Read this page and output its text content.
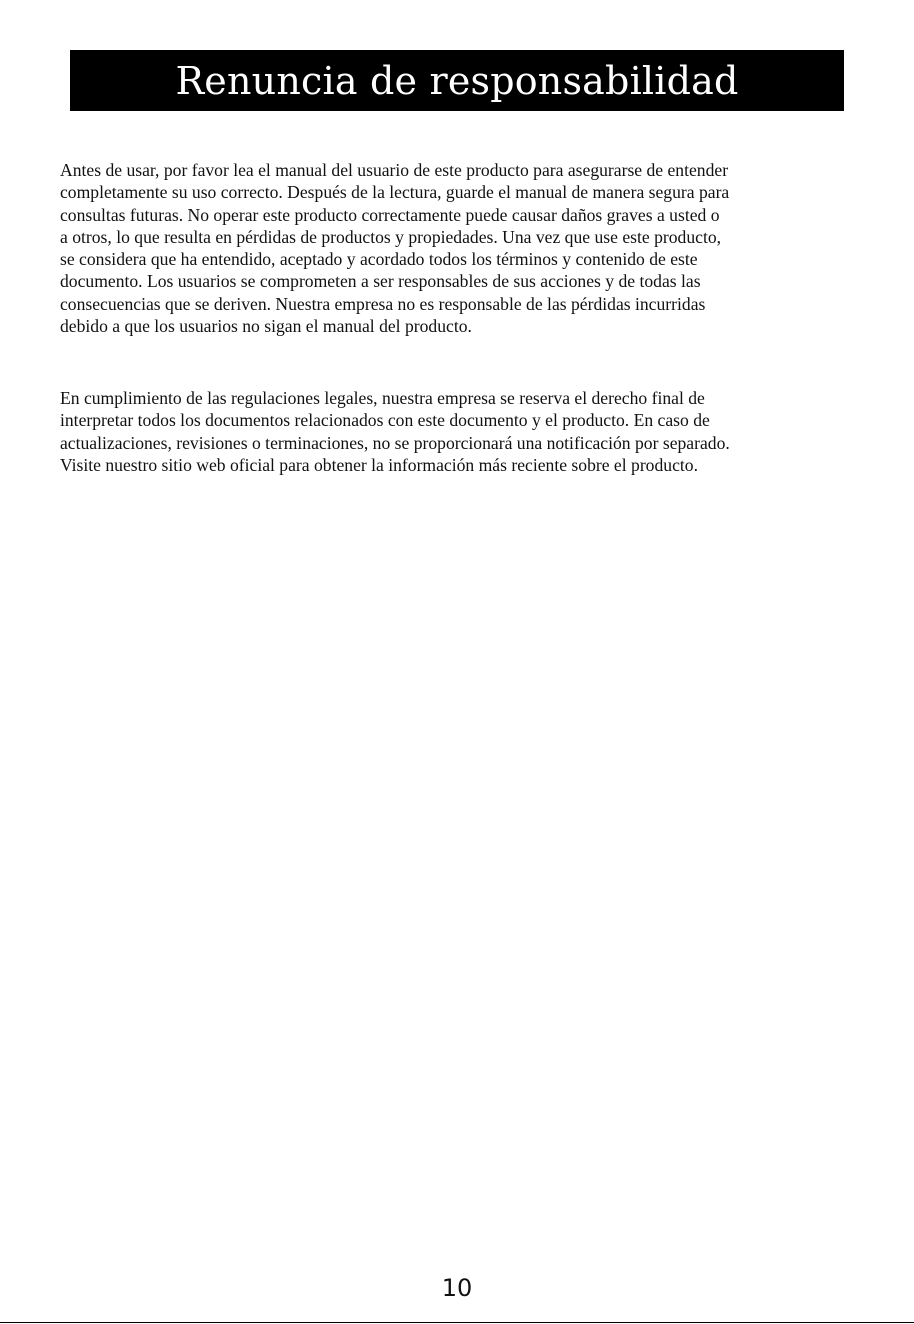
Renuncia de responsabilidad

Antes de usar, por favor lea el manual del usuario de este producto para asegurarse de entender
completamente su uso correcto. Después de la lectura, guarde el manual de manera segura para
consultas futuras. No operar este producto correctamente puede causar daños graves a usted o
a otros, lo que resulta en pérdidas de productos y propiedades. Una vez que use este producto,
se considera que ha entendido, aceptado y acordado todos los términos y contenido de este
documento. Los usuarios se comprometen a ser responsables de sus acciones y de todas las
consecuencias que se deriven. Nuestra empresa no es responsable de las pérdidas incurridas
debido a que los usuarios no sigan el manual del producto.

En cumplimiento de las regulaciones legales, nuestra empresa se reserva el derecho final de
interpretar todos los documentos relacionados con este documento y el producto. En caso de
actualizaciones, revisiones o terminaciones, no se proporcionará una notificación por separado.
Visite nuestro sitio web oficial para obtener la información más reciente sobre el producto.

10
